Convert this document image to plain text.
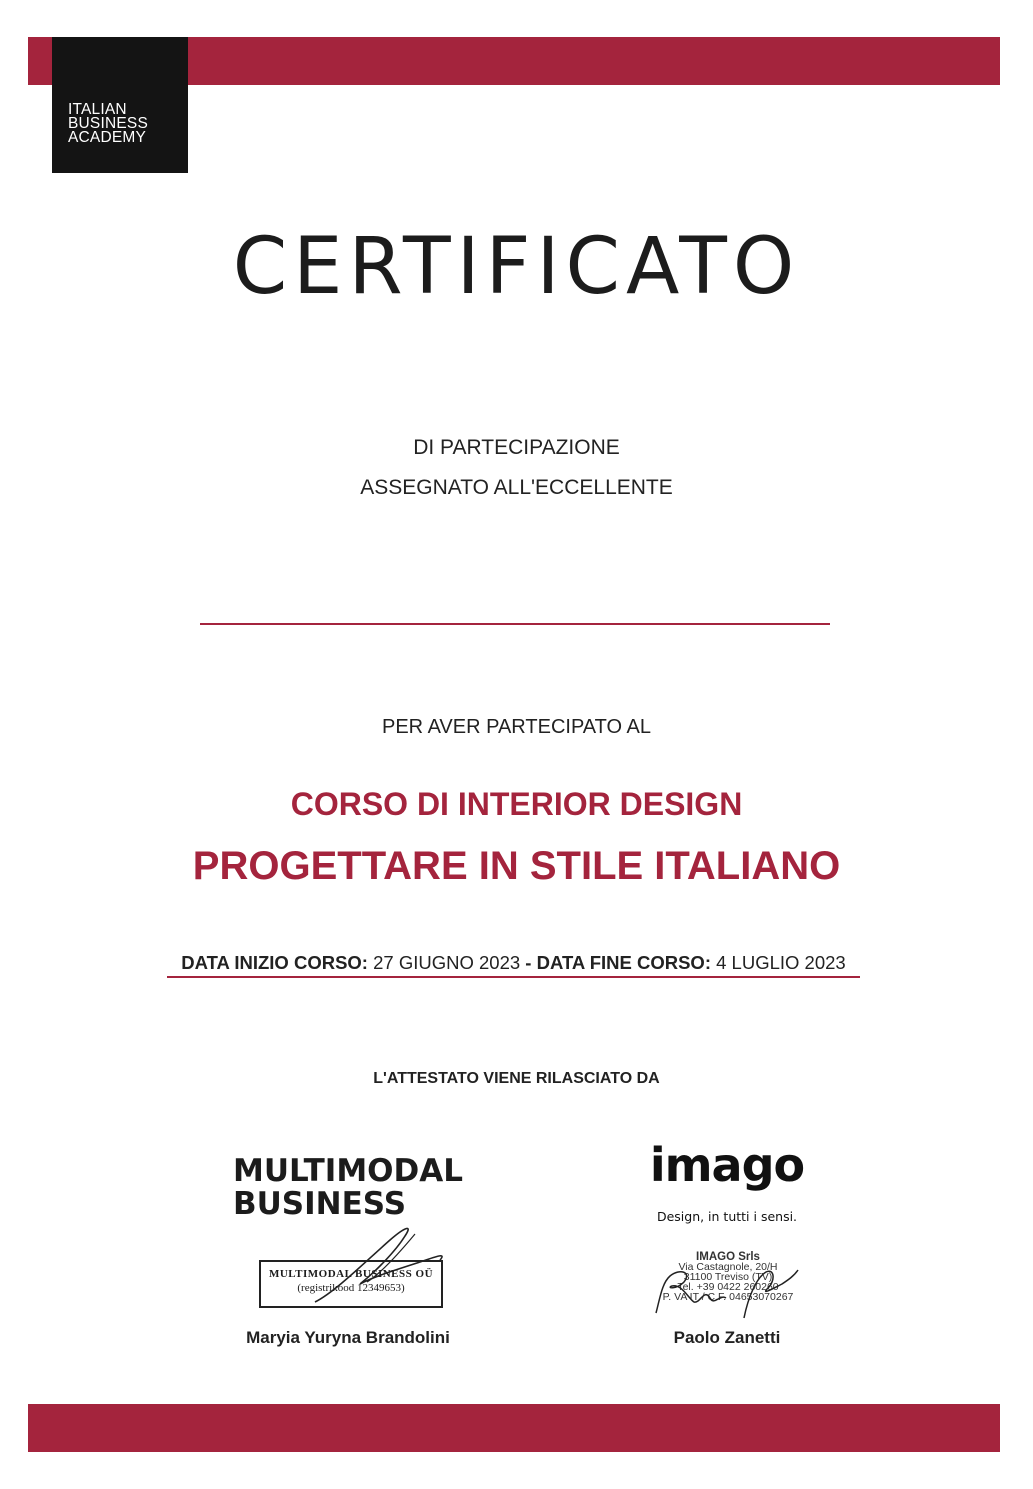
ITALIAN
BUSINESS
ACADEMY
CERTIFICATO
DI PARTECIPAZIONE
ASSEGNATO ALL'ECCELLENTE
PER AVER PARTECIPATO AL
CORSO DI INTERIOR DESIGN
PROGETTARE IN STILE ITALIANO
DATA INIZIO CORSO: 27 GIUGNO 2023 - DATA FINE CORSO: 4 LUGLIO 2023
L'ATTESTATO VIENE RILASCIATO DA
MULTIMODAL
BUSINESS
MULTIMODAL BUSINESS OÜ
(registrikood 12349653)
Maryia Yuryna Brandolini
imago
Design, in tutti i sensi.
IMAGO Srls
Via Castagnole, 20/H
31100 Treviso (TV)
Tel. +39 0422 260260
P. VA IT / C.F. 04653070267
Paolo Zanetti
